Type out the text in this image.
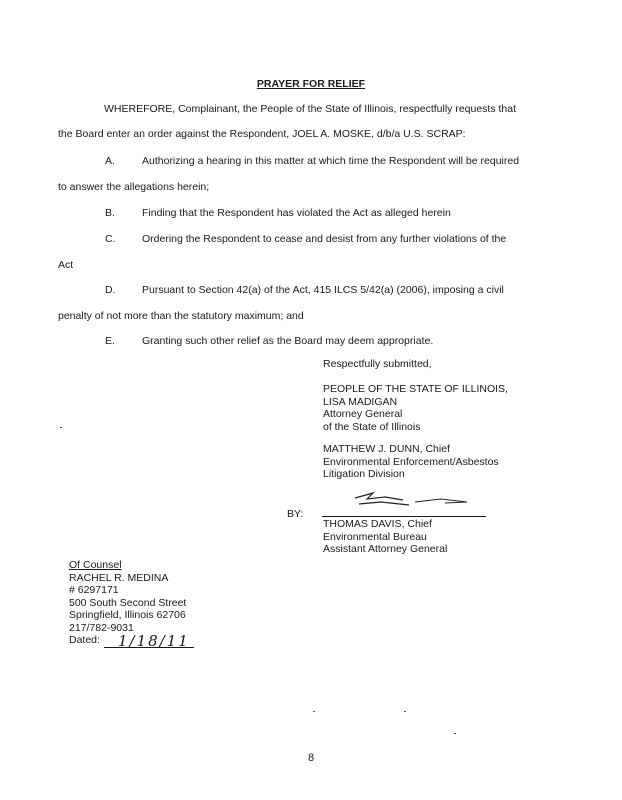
PRAYER FOR RELIEF
WHEREFORE, Complainant, the People of the State of Illinois, respectfully requests that
the Board enter an order against the Respondent, JOEL A. MOSKE, d/b/a U.S. SCRAP:
A.	Authorizing a hearing in this matter at which time the Respondent will be required
to answer the allegations herein;
B.	Finding that the Respondent has violated the Act as alleged herein
C.	Ordering the Respondent to cease and desist from any further violations of the
Act
D.	Pursuant to Section 42(a) of the Act, 415 ILCS 5/42(a) (2006), imposing a civil
penalty of not more than the statutory maximum; and
E.	Granting such other relief as the Board may deem appropriate.
Respectfully submitted,
PEOPLE OF THE STATE OF ILLINOIS,
LISA MADIGAN
Attorney General
of the State of Illinois
MATTHEW J. DUNN, Chief
Environmental Enforcement/Asbestos
Litigation Division
BY:
THOMAS DAVIS, Chief
Environmental Bureau
Assistant Attorney General
Of Counsel
RACHEL R. MEDINA
# 6297171
500 South Second Street
Springfield, Illinois 62706
217/782-9031
Dated:	1/18/11
8
